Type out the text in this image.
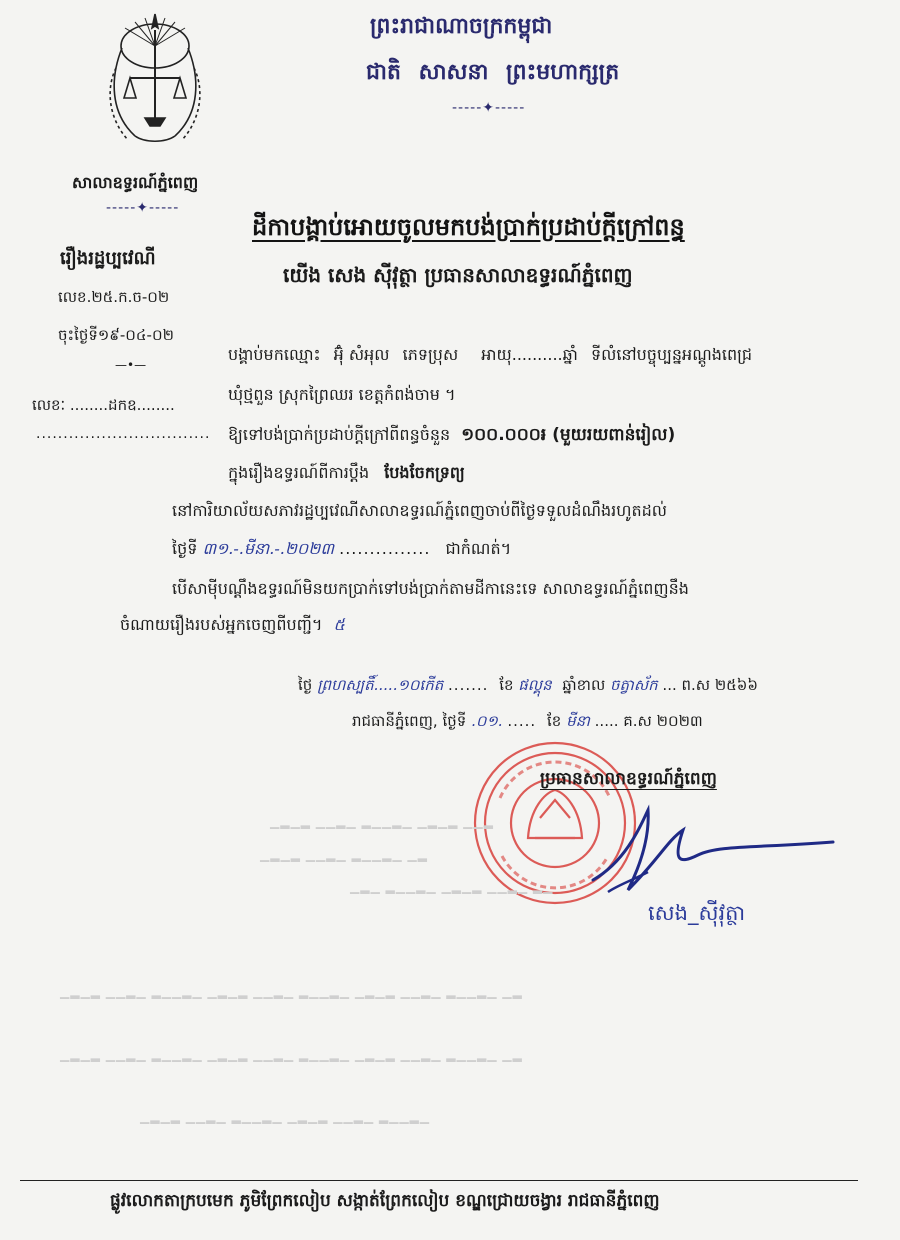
ព្រះរាជាណាចក្រកម្ពុជា
ជាតិ សាសនា ព្រះមហាក្សត្រ
-----✦-----
សាលាឧទ្ធរណ៍ភ្នំពេញ
-----✦-----
ដីកាបង្គាប់អោយចូលមកបង់ប្រាក់ប្រដាប់ក្ដីក្រៅពន្ធ
យើង សេង ស៊ីវុត្ថា ប្រធានសាលាឧទ្ធរណ៍ភ្នំពេញ
រឿងរដ្ឋប្បវេណី
លេខ.២៥.ក.ច-០២
ចុះថ្ងៃទី១៩-០៤-០២
—•—
លេខៈ ........ដកឧ........
................................
បង្គាប់មកឈ្មោះ អ៊ុំ សំអុល ភេទប្រុស អាយុ..........ឆ្នាំ ទីលំនៅបច្ចុប្បន្នអណ្ដូងពេជ្រ
ឃុំថ្មពួន ស្រុកព្រៃឈរ ខេត្តកំពង់ចាម ។
ឱ្យទៅបង់ប្រាក់ប្រដាប់ក្ដីក្រៅពីពន្ធចំនួន ១០០.០០០៛ (មួយរយពាន់រៀល)
ក្នុងរឿងឧទ្ធរណ៍ពីការប្ដឹង បែងចែកទ្រព្យ
នៅការិយាល័យសភាវរដ្ឋប្បវេណីសាលាឧទ្ធរណ៍ភ្នំពេញចាប់ពីថ្ងៃទទួលដំណឹងរហូតដល់
ថ្ងៃទី ៣១.-.មីនា.-.២០២៣ ............... ជាកំណត់។
បើសាម៉ីបណ្ដឹងឧទ្ធរណ៍មិនយកប្រាក់ទៅបង់ប្រាក់តាមដីកានេះទេ សាលាឧទ្ធរណ៍ភ្នំពេញនឹង
ចំណាយរឿងរបស់អ្នកចេញពីបញ្ជី។ ៥
ថ្ងៃ ព្រហស្បតិ៍.....១០កើត ....... ខែ ផល្គុន ឆ្នាំខាល ចត្វាស័ក ... ព.ស ២៥៦៦
រាជធានីភ្នំពេញ, ថ្ងៃទី .០១. ..... ខែ មីនា ..... គ.ស ២០២៣
ប្រធានសាលាឧទ្ធរណ៍ភ្នំពេញ
សេង_ស៊ីវុត្ថា
▁▂▁▂ ▁▁▂▁ ▂▁▁▂▁ ▁▂▁▂ ▁▁▂
▁▂▁▂ ▁▁▂▁ ▂▁▁▂▁ ▁▂
▁▂▁ ▂▁▁▂▁ ▁▂▁▂ ▁▁▂▁ ▂▁
▁▂▁▂ ▁▁▂▁ ▂▁▁▂▁ ▁▂▁▂ ▁▁▂▁ ▂▁▁▂▁ ▁▂▁▂ ▁▁▂▁ ▂▁▁▂▁ ▁▂
▁▂▁▂ ▁▁▂▁ ▂▁▁▂▁ ▁▂▁▂ ▁▁▂▁ ▂▁▁▂▁ ▁▂▁▂ ▁▁▂▁ ▂▁▁▂▁ ▁▂
▁▂▁▂ ▁▁▂▁ ▂▁▁▂▁ ▁▂▁▂ ▁▁▂▁ ▂▁▁▂▁
ផ្លូវលោកតាក្របមេក ភូមិព្រែកលៀប សង្កាត់ព្រែកលៀប ខណ្ឌជ្រោយចង្វារ រាជធានីភ្នំពេញ
